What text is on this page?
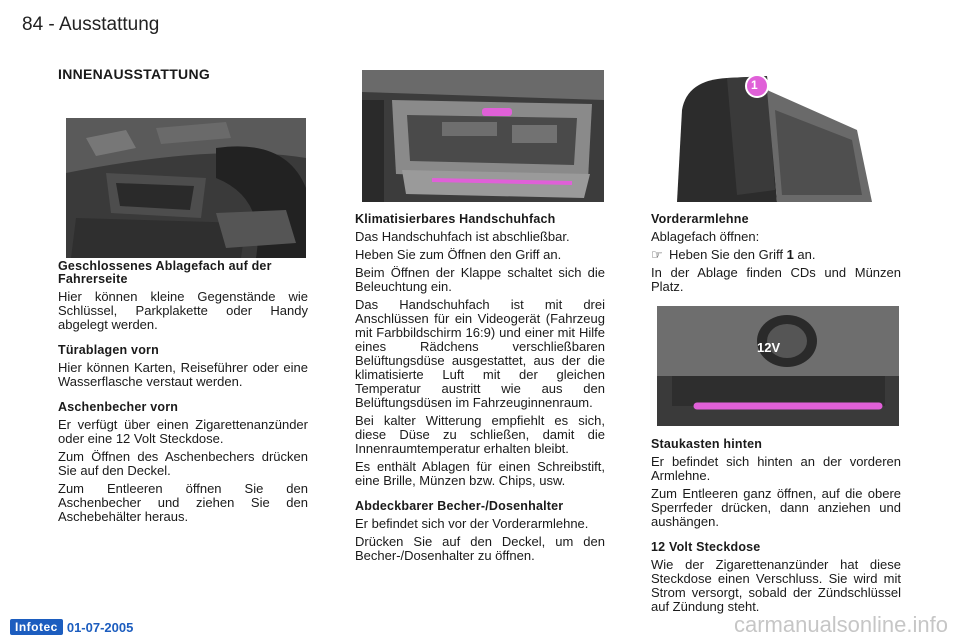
84 - Ausstattung
INNENAUSSTATTUNG
1
12V
Geschlossenes Ablagefach auf der Fahrerseite

Hier können kleine Gegenstände wie Schlüssel, Parkplakette oder Handy abgelegt werden.

Türablagen vorn

Hier können Karten, Reiseführer oder eine Wasserflasche verstaut werden.

Aschenbecher vorn

Er verfügt über einen Zigarettenanzünder oder eine 12 Volt Steckdose.

Zum Öffnen des Aschenbechers drücken Sie auf den Deckel.

Zum Entleeren öffnen Sie den Aschenbecher und ziehen Sie den Aschebehälter heraus.

Klimatisierbares Handschuhfach

Das Handschuhfach ist abschließbar.

Heben Sie zum Öffnen den Griff an.

Beim Öffnen der Klappe schaltet sich die Beleuchtung ein.

Das Handschuhfach ist mit drei Anschlüssen für ein Videogerät (Fahrzeug mit Farbbildschirm 16:9) und einer mit Hilfe eines Rädchens verschließbaren Belüftungsdüse ausgestattet, aus der die klimatisierte Luft mit der gleichen Temperatur austritt wie aus den Belüftungsdüsen im Fahrzeuginnenraum.

Bei kalter Witterung empfiehlt es sich, diese Düse zu schließen, damit die Innenraumtemperatur erhalten bleibt.

Es enthält Ablagen für einen Schreibstift, eine Brille, Münzen bzw. Chips, usw.

Abdeckbarer Becher-/Dosenhalter

Er befindet sich vor der Vorderarmlehne.

Drücken Sie auf den Deckel, um den Becher-/Dosenhalter zu öffnen.

Vorderarmlehne

Ablagefach öffnen:

☞ Heben Sie den Griff 1 an.

In der Ablage finden CDs und Münzen Platz.

Staukasten hinten

Er befindet sich hinten an der vorderen Armlehne.

Zum Entleeren ganz öffnen, auf die obere Sperrfeder drücken, dann anziehen und aushängen.

12 Volt Steckdose

Wie der Zigarettenanzünder hat diese Steckdose einen Verschluss. Sie wird mit Strom versorgt, sobald der Zündschlüssel auf Zündung steht.

Infotec 01-07-2005	carmanualsonline.info
